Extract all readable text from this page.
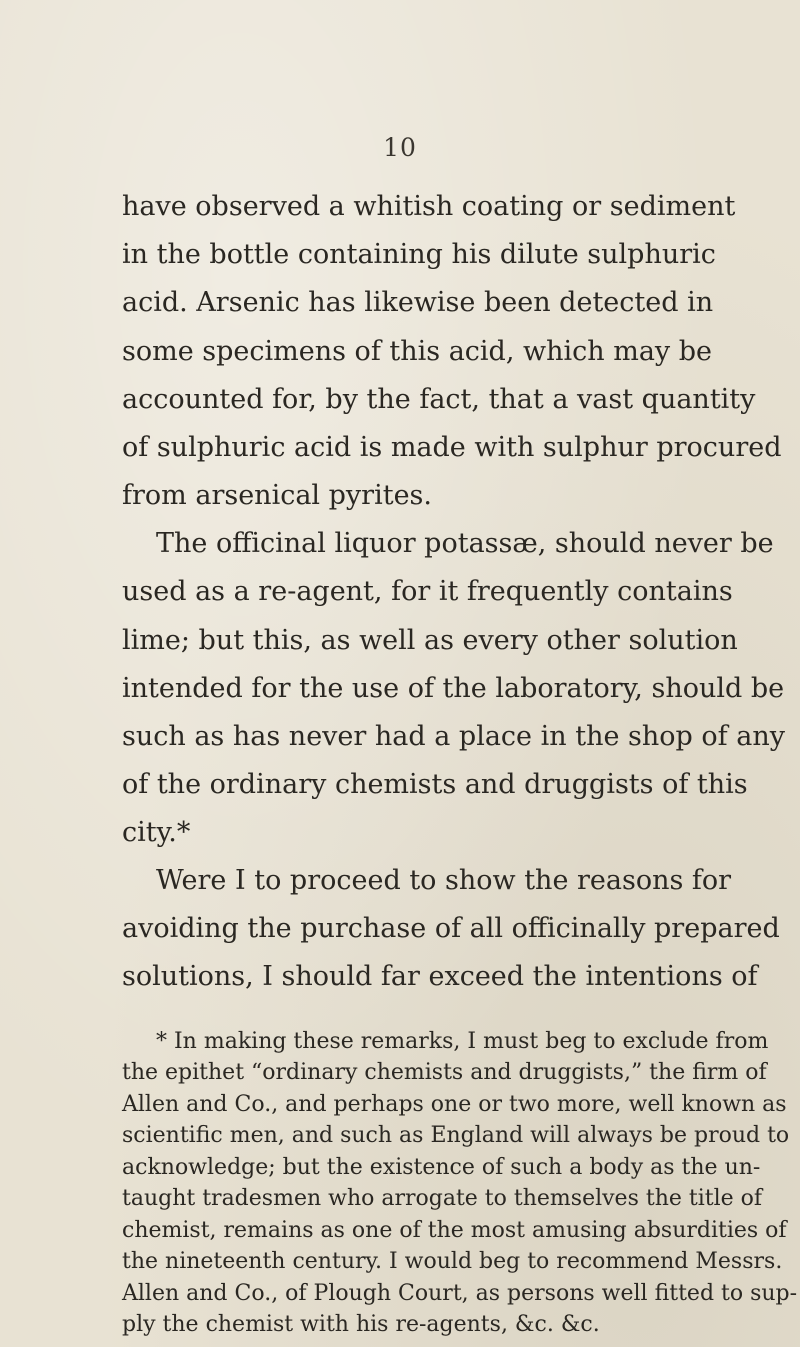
10
have observed a whitish coating or sediment
in the bottle containing his dilute sulphuric
acid. Arsenic has likewise been detected in
some specimens of this acid, which may be
accounted for, by the fact, that a vast quantity
of sulphuric acid is made with sulphur procured
from arsenical pyrites.
The officinal liquor potassæ, should never be
used as a re-agent, for it frequently contains
lime; but this, as well as every other solution
intended for the use of the laboratory, should be
such as has never had a place in the shop of any
of the ordinary chemists and druggists of this
city.*
Were I to proceed to show the reasons for
avoiding the purchase of all officinally prepared
solutions, I should far exceed the intentions of
* In making these remarks, I must beg to exclude from
the epithet “ordinary chemists and druggists,” the firm of
Allen and Co., and perhaps one or two more, well known as
scientific men, and such as England will always be proud to
acknowledge; but the existence of such a body as the un-
taught tradesmen who arrogate to themselves the title of
chemist, remains as one of the most amusing absurdities of
the nineteenth century. I would beg to recommend Messrs.
Allen and Co., of Plough Court, as persons well fitted to sup-
ply the chemist with his re-agents, &c. &c.
